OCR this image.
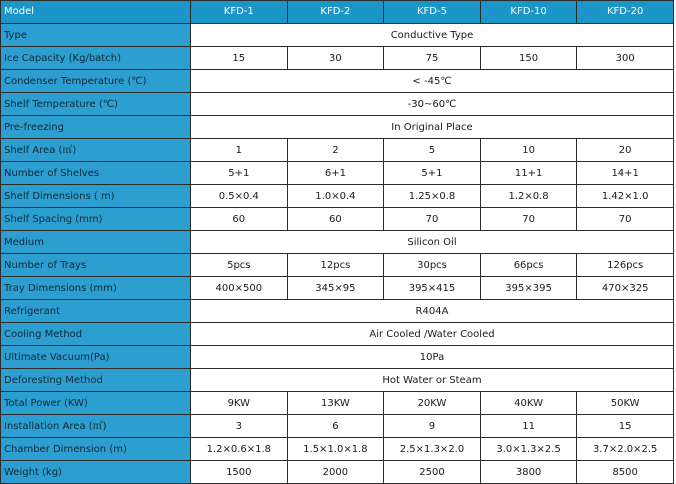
Model	KFD-1	KFD-2	KFD-5	KFD-10	KFD-20
Type	Conductive Type				
Ice Capacity (Kg/batch)	15	30	75	150	300
Condenser Temperature (℃)	< -45℃				
Shelf Temperature (℃)	-30~60℃				
Pre-freezing	In Original Place				
Shelf Area (㎡)	1	2	5	10	20
Number of Shelves	5+1	6+1	5+1	11+1	14+1
Shelf Dimensions ( m)	0.5×0.4	1.0×0.4	1.25×0.8	1.2×0.8	1.42×1.0
Shelf Spacing (mm)	60	60	70	70	70
Medium	Silicon Oil				
Number of Trays	5pcs	12pcs	30pcs	66pcs	126pcs
Tray Dimensions (mm)	400×500	345×95	395×415	395×395	470×325
Refrigerant	R404A				
Cooling Method	Air Cooled /Water Cooled				
Ultimate Vacuum(Pa)	10Pa				
Deforesting Method	Hot Water or Steam				
Total Power (KW)	9KW	13KW	20KW	40KW	50KW
Installation Area (㎡)	3	6	9	11	15
Chamber Dimension (m)	1.2×0.6×1.8	1.5×1.0×1.8	2.5×1.3×2.0	3.0×1.3×2.5	3.7×2.0×2.5
Weight (kg)	1500	2000	2500	3800	8500
